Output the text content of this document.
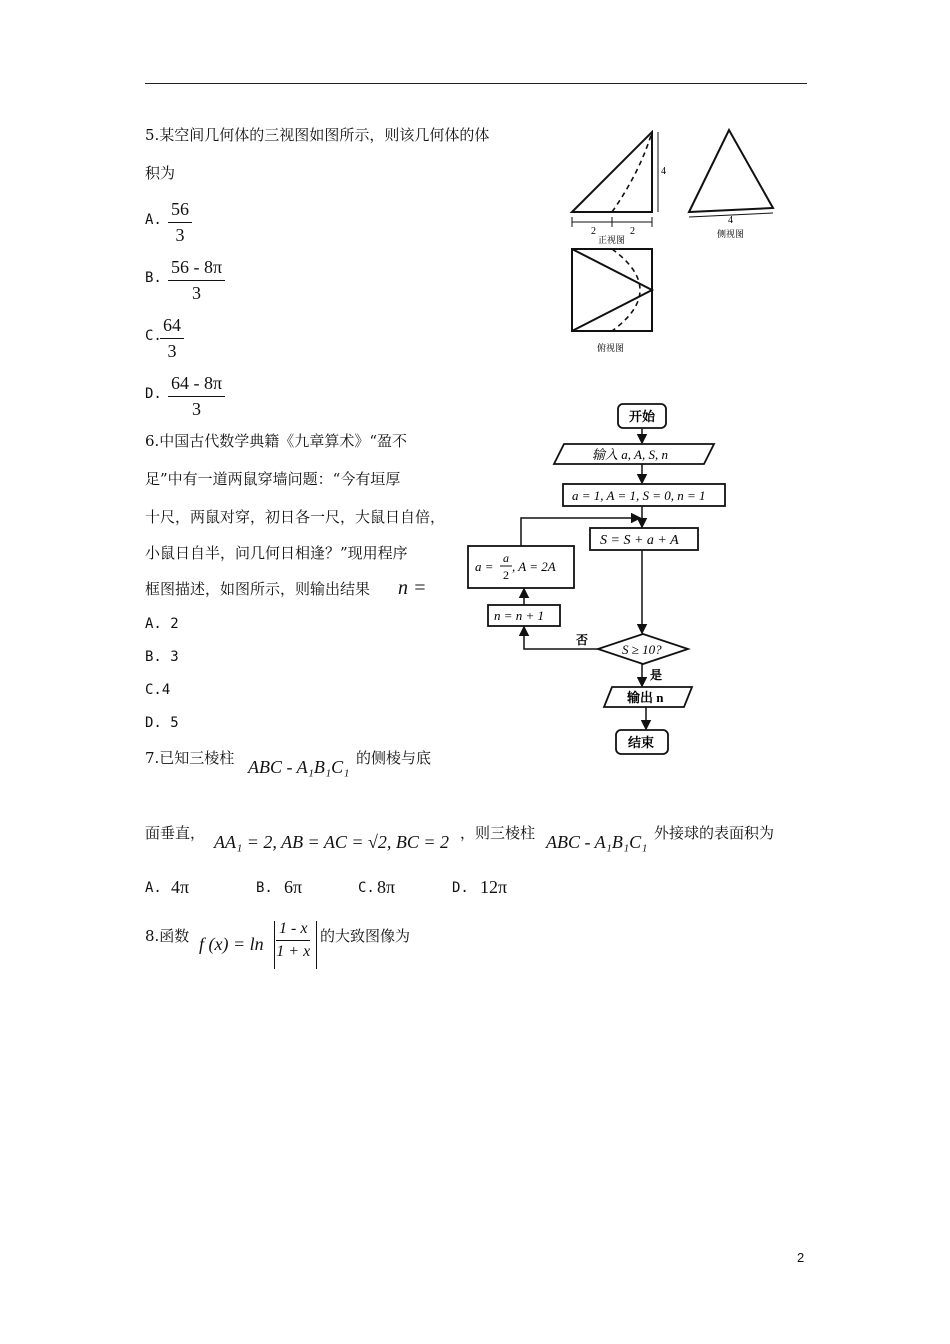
5.某空间几何体的三视图如图所示，则该几何体的体
积为
A.
56
3
B.
56 - 8π
3
C.
64
3
D.
64 - 8π
3
4
2	2
正视图
4
侧视图
俯视图
6.中国古代数学典籍《九章算术》“盈不
足”中有一道两鼠穿墙问题：“今有垣厚
十尺，两鼠对穿，初日各一尺，大鼠日自倍，
小鼠日自半，问几何日相逢？”现用程序
框图描述，如图所示，则输出结果 n =
A. 2
B. 3
C.4
D. 5
开始
输入 a, A, S, n
a = 1, A = 1, S = 0, n = 1
S = S + a + A
a =
a
2
, A = 2A
n = n + 1
S ≥ 10?
否
是
输出 n
结束
7.已知三棱柱 ABC - A₁B₁C₁ 的侧棱与底
面垂直， AA₁ = 2, AB = AC = √2, BC = 2 ，则三棱柱 ABC - A₁B₁C₁ 外接球的表面积为
A. 4π	B. 6π	C. 8π	D. 12π
8.函数 f (x) = ln
1 - x
1 + x
的大致图像为
2
